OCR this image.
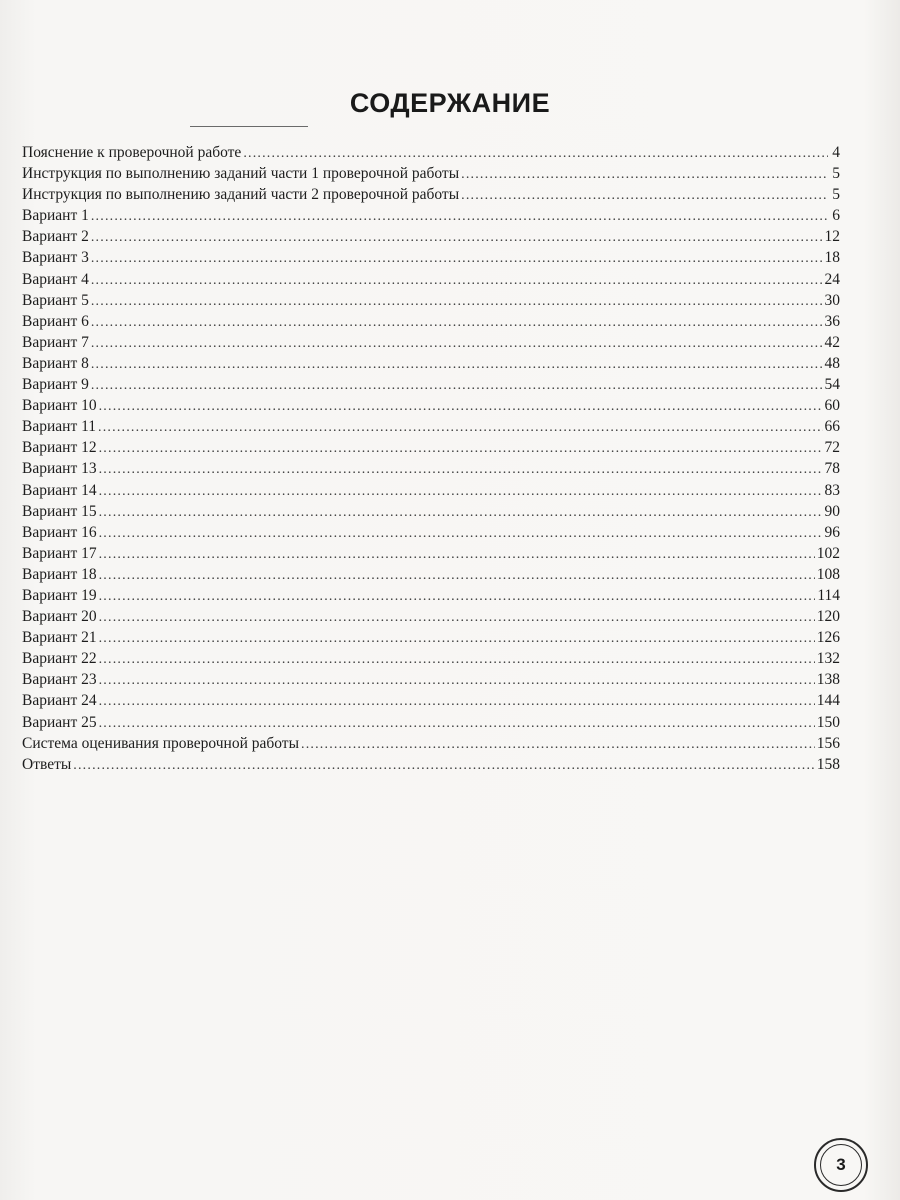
СОДЕРЖАНИЕ
Пояснение к проверочной работе .....	4
Инструкция по выполнению заданий части 1 проверочной работы .....	5
Инструкция по выполнению заданий части 2 проверочной работы .....	5
Вариант 1 .....	6
Вариант 2 .....	12
Вариант 3 .....	18
Вариант 4 .....	24
Вариант 5 .....	30
Вариант 6 .....	36
Вариант 7 .....	42
Вариант 8 .....	48
Вариант 9 .....	54
Вариант 10 .....	60
Вариант 11 .....	66
Вариант 12 .....	72
Вариант 13 .....	78
Вариант 14 .....	83
Вариант 15 .....	90
Вариант 16 .....	96
Вариант 17 .....	102
Вариант 18 .....	108
Вариант 19 .....	114
Вариант 20 .....	120
Вариант 21 .....	126
Вариант 22 .....	132
Вариант 23 .....	138
Вариант 24 .....	144
Вариант 25 .....	150
Система оценивания проверочной работы .....	156
Ответы .....	158
3
